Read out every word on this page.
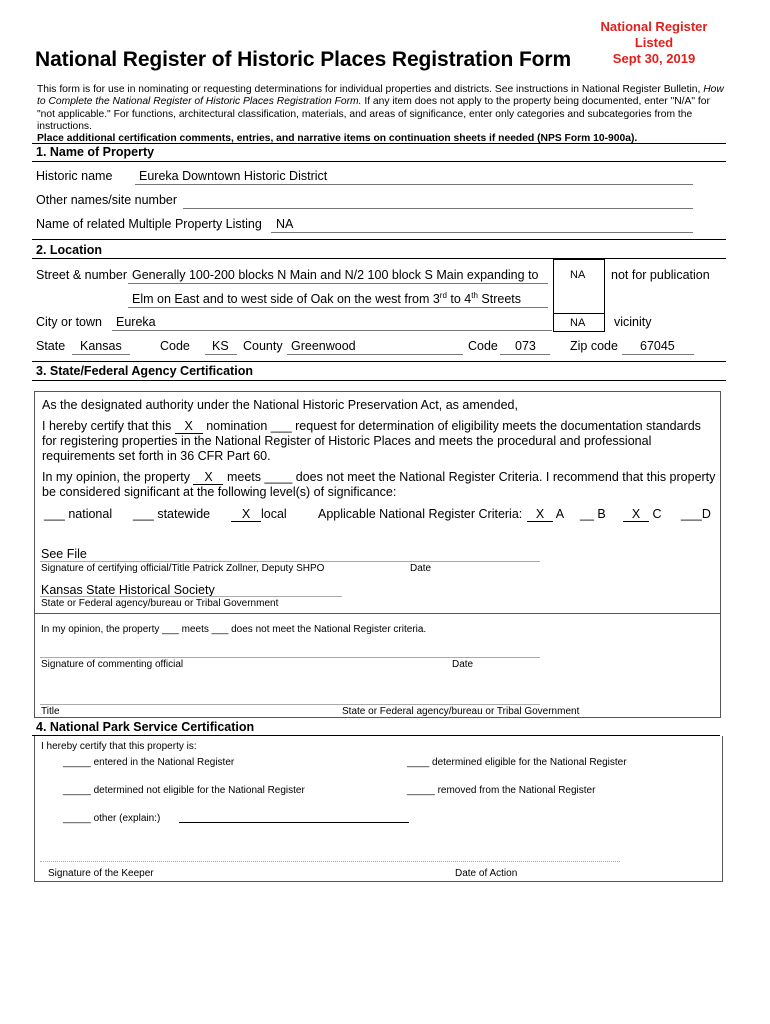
National Register
Listed
Sept 30, 2019
National Register of Historic Places Registration Form
This form is for use in nominating or requesting determinations for individual properties and districts. See instructions in National Register Bulletin, How to Complete the National Register of Historic Places Registration Form. If any item does not apply to the property being documented, enter "N/A" for "not applicable." For functions, architectural classification, materials, and areas of significance, enter only categories and subcategories from the instructions.
Place additional certification comments, entries, and narrative items on continuation sheets if needed (NPS Form 10-900a).
1. Name of Property
Historic name Eureka Downtown Historic District
Other names/site number
Name of related Multiple Property Listing NA
2. Location
Street & number Generally 100-200 blocks N Main and N/2 100 block S Main expanding to
Elm on East and to west side of Oak on the west from 3rd to 4th Streets
NA not for publication
City or town Eureka	NA vicinity
State Kansas	Code KS County Greenwood	Code 073	Zip code 67045
3. State/Federal Agency Certification
As the designated authority under the National Historic Preservation Act, as amended,
I hereby certify that this X nomination ___ request for determination of eligibility meets the documentation standards
for registering properties in the National Register of Historic Places and meets the procedural and professional
requirements set forth in 36 CFR Part 60.
In my opinion, the property X meets ____ does not meet the National Register Criteria. I recommend that this property
be considered significant at the following level(s) of significance:
___ national ___ statewide	X local	Applicable National Register Criteria:	X A __ B	X C ___D
See File
Signature of certifying official/Title Patrick Zollner, Deputy SHPO	Date
Kansas State Historical Society
State or Federal agency/bureau or Tribal Government
In my opinion, the property ___ meets ___ does not meet the National Register criteria.
Signature of commenting official	Date
Title	State or Federal agency/bureau or Tribal Government
4. National Park Service Certification
I hereby certify that this property is:
_____ entered in the National Register	____ determined eligible for the National Register
_____ determined not eligible for the National Register	_____ removed from the National Register
_____ other (explain:)
Signature of the Keeper	Date of Action
